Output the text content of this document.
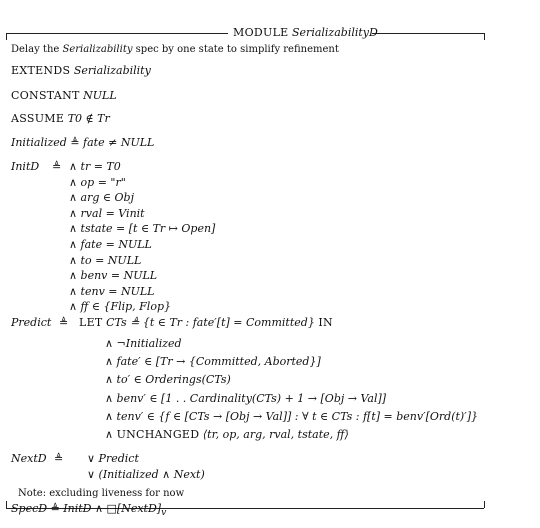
MODULE SerializabilityD
Delay the Serializability spec by one state to simplify refinement
EXTENDS Serializability
CONSTANT NULL
ASSUME T0 ∉ Tr
Initialized ≜ fate ≠ NULL
InitD ≜ ∧ tr = T0
∧ op = "r"
∧ arg ∈ Obj
∧ rval = Vinit
∧ tstate = [t ∈ Tr ↦ Open]
∧ fate = NULL
∧ to = NULL
∧ benv = NULL
∧ tenv = NULL
∧ ff ∈ {Flip, Flop}
Predict ≜ LET CTs ≜ {t ∈ Tr : fate′[t] = Committed} IN
∧ ¬Initialized
∧ fate′ ∈ [Tr → {Committed, Aborted}]
∧ to′ ∈ Orderings(CTs)
∧ benv′ ∈ [1 . . Cardinality(CTs) + 1 → [Obj → Val]]
∧ tenv′ ∈ {f ∈ [CTs → [Obj → Val]] : ∀ t ∈ CTs : f[t] = benv′[Ord(t)′]}
∧ UNCHANGED ⟨tr, op, arg, rval, tstate, ff⟩
NextD ≜ ∨ Predict
∨ (Initialized ∧ Next)
Note: excluding liveness for now
SpecD ≜ InitD ∧ $□[NextD]_v$
